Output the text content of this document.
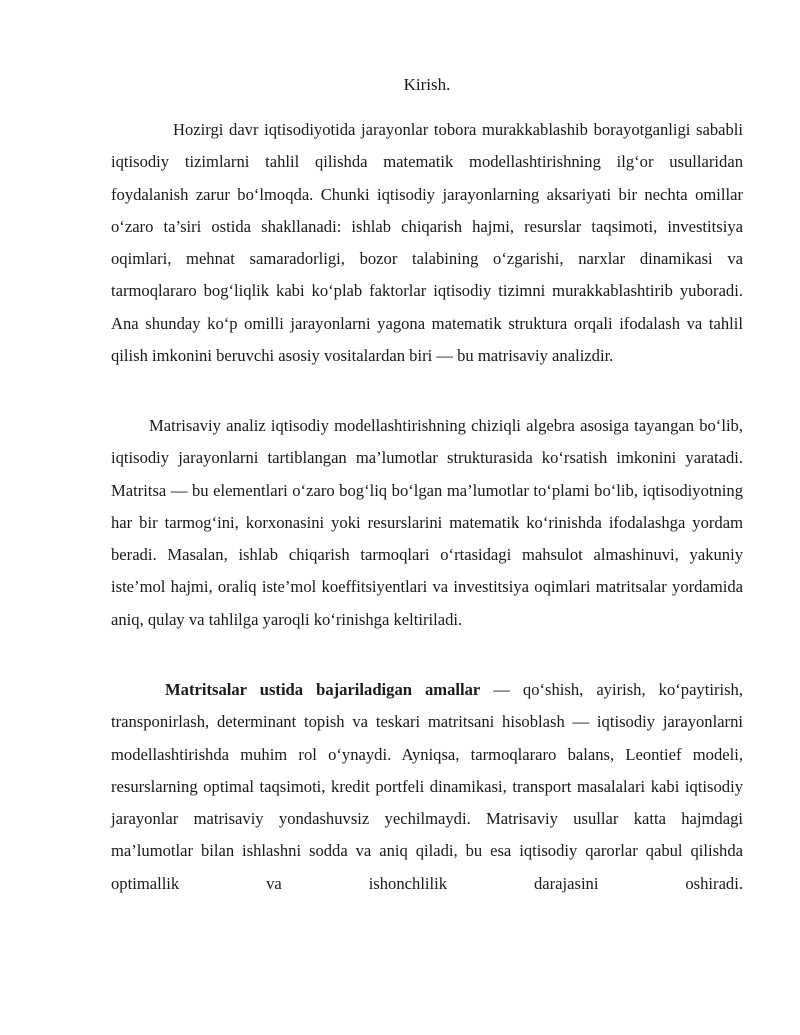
Kirish.

Hozirgi davr iqtisodiyotida jarayonlar tobora murakkablashib borayotganligi sababli iqtisodiy tizimlarni tahlil qilishda matematik modellashtirishning ilg‘or usullaridan foydalanish zarur bo‘lmoqda. Chunki iqtisodiy jarayonlarning aksariyati bir nechta omillar o‘zaro ta’siri ostida shakllanadi: ishlab chiqarish hajmi, resurslar taqsimoti, investitsiya oqimlari, mehnat samaradorligi, bozor talabining o‘zgarishi, narxlar dinamikasi va tarmoqlararo bog‘liqlik kabi ko‘plab faktorlar iqtisodiy tizimni murakkablashtirib yuboradi. Ana shunday ko‘p omilli jarayonlarni yagona matematik struktura orqali ifodalash va tahlil qilish imkonini beruvchi asosiy vositalardan biri — bu matrisaviy analizdir.

Matrisaviy analiz iqtisodiy modellashtirishning chiziqli algebra asosiga tayangan bo‘lib, iqtisodiy jarayonlarni tartiblangan ma’lumotlar strukturasida ko‘rsatish imkonini yaratadi. Matritsa — bu elementlari o‘zaro bog‘liq bo‘lgan ma’lumotlar to‘plami bo‘lib, iqtisodiyotning har bir tarmog‘ini, korxonasini yoki resurslarini matematik ko‘rinishda ifodalashga yordam beradi. Masalan, ishlab chiqarish tarmoqlari o‘rtasidagi mahsulot almashinuvi, yakuniy iste’mol hajmi, oraliq iste’mol koeffitsiyentlari va investitsiya oqimlari matritsalar yordamida aniq, qulay va tahlilga yaroqli ko‘rinishga keltiriladi.

Matritsalar ustida bajariladigan amallar — qo‘shish, ayirish, ko‘paytirish, transponirlash, determinant topish va teskari matritsani hisoblash — iqtisodiy jarayonlarni modellashtirishda muhim rol o‘ynaydi. Ayniqsa, tarmoqlararo balans, Leontief modeli, resurslarning optimal taqsimoti, kredit portfeli dinamikasi, transport masalalari kabi iqtisodiy jarayonlar matrisaviy yondashuvsiz yechilmaydi. Matrisaviy usullar katta hajmdagi ma’lumotlar bilan ishlashni sodda va aniq qiladi, bu esa iqtisodiy qarorlar qabul qilishda optimallik va ishonchlilik darajasini oshiradi.
